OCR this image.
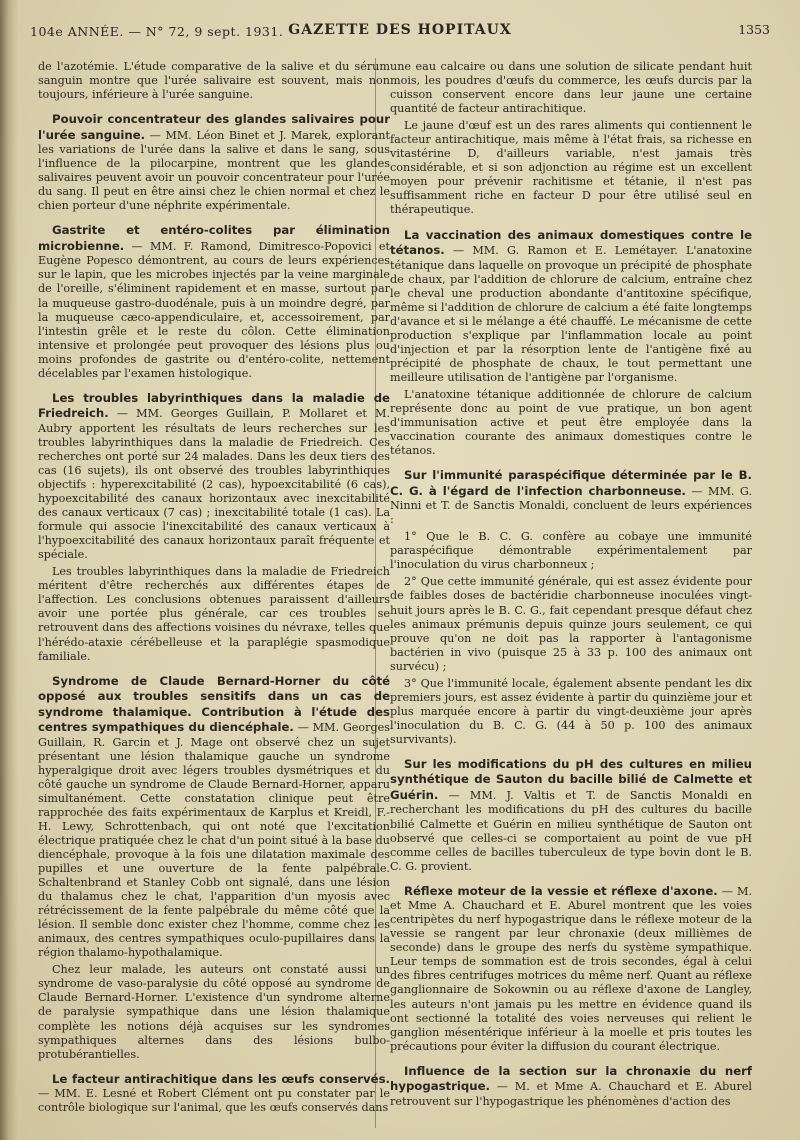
104e ANNÉE. — N° 72, 9 sept. 1931. GAZETTE DES HOPITAUX	1353

de l'azotémie. L'étude comparative de la salive et du sérum sanguin montre que l'urée salivaire est souvent, mais non toujours, inférieure à l'urée sanguine.

Pouvoir concentrateur des glandes salivaires pour l'urée sanguine. — MM. Léon Binet et J. Marek, explorant les variations de l'urée dans la salive et dans le sang, sous l'influence de la pilocarpine, montrent que les glandes salivaires peuvent avoir un pouvoir concentrateur pour l'urée du sang. Il peut en être ainsi chez le chien normal et chez le chien porteur d'une néphrite expérimentale.

Gastrite et entéro-colites par élimination microbienne. — MM. F. Ramond, Dimitresco-Popovici et Eugène Popesco démontrent, au cours de leurs expériences sur le lapin, que les microbes injectés par la veine marginale de l'oreille, s'éliminent rapidement et en masse, surtout par la muqueuse gastro-duodénale, puis à un moindre degré, par la muqueuse cæco-appendiculaire, et, accessoirement, par l'intestin grêle et le reste du côlon. Cette élimination intensive et prolongée peut provoquer des lésions plus ou moins profondes de gastrite ou d'entéro-colite, nettement décelables par l'examen histologique.

Les troubles labyrinthiques dans la maladie de Friedreich. — MM. Georges Guillain, P. Mollaret et M. Aubry apportent les résultats de leurs recherches sur les troubles labyrinthiques dans la maladie de Friedreich. Ces recherches ont porté sur 24 malades. Dans les deux tiers des cas (16 sujets), ils ont observé des troubles labyrinthiques objectifs : hyperexcitabilité (2 cas), hypoexcitabilité (6 cas), hypoexcitabilité des canaux horizontaux avec inexcitabilité des canaux verticaux (7 cas) ; inexcitabilité totale (1 cas). La formule qui associe l'inexcitabilité des canaux verticaux à l'hypoexcitabilité des canaux horizontaux paraît fréquente et spéciale.

Les troubles labyrinthiques dans la maladie de Friedreich méritent d'être recherchés aux différentes étapes de l'affection. Les conclusions obtenues paraissent d'ailleurs avoir une portée plus générale, car ces troubles se retrouvent dans des affections voisines du névraxe, telles que l'hérédo-ataxie cérébelleuse et la paraplégie spasmodique familiale.

Syndrome de Claude Bernard-Horner du côté opposé aux troubles sensitifs dans un cas de syndrome thalamique. Contribution à l'étude des centres sympathiques du diencéphale. — MM. Georges Guillain, R. Garcin et J. Mage ont observé chez un sujet présentant une lésion thalamique gauche un syndrome hyperalgique droit avec légers troubles dysmétriques et du côté gauche un syndrome de Claude Bernard-Horner, apparu simultanément. Cette constatation clinique peut être rapprochée des faits expérimentaux de Karplus et Kreidl, F.-H. Lewy, Schrottenbach, qui ont noté que l'excitation électrique pratiquée chez le chat d'un point situé à la base du diencéphale, provoque à la fois une dilatation maximale des pupilles et une ouverture de la fente palpébrale. Schaltenbrand et Stanley Cobb ont signalé, dans une lésion du thalamus chez le chat, l'apparition d'un myosis avec rétrécissement de la fente palpébrale du même côté que la lésion. Il semble donc exister chez l'homme, comme chez les animaux, des centres sympathiques oculo-pupillaires dans la région thalamo-hypothalamique.

Chez leur malade, les auteurs ont constaté aussi un syndrome de vaso-paralysie du côté opposé au syndrome de Claude Bernard-Horner. L'existence d'un syndrome alterne de paralysie sympathique dans une lésion thalamique complète les notions déjà acquises sur les syndromes sympathiques alternes dans des lésions bulbo-protubérantielles.

Le facteur antirachitique dans les œufs conservés. — MM. E. Lesné et Robert Clément ont pu constater par le contrôle biologique sur l'animal, que les œufs conservés dans

une eau calcaire ou dans une solution de silicate pendant huit mois, les poudres d'œufs du commerce, les œufs durcis par la cuisson conservent encore dans leur jaune une certaine quantité de facteur antirachitique.

Le jaune d'œuf est un des rares aliments qui contiennent le facteur antirachitique, mais même à l'état frais, sa richesse en vitastérine D, d'ailleurs variable, n'est jamais très considérable, et si son adjonction au régime est un excellent moyen pour prévenir rachitisme et tétanie, il n'est pas suffisamment riche en facteur D pour être utilisé seul en thérapeutique.

La vaccination des animaux domestiques contre le tétanos. — MM. G. Ramon et E. Lemétayer. L'anatoxine tétanique dans laquelle on provoque un précipité de phosphate de chaux, par l'addition de chlorure de calcium, entraîne chez le cheval une production abondante d'antitoxine spécifique, même si l'addition de chlorure de calcium a été faite longtemps d'avance et si le mélange a été chauffé. Le mécanisme de cette production s'explique par l'inflammation locale au point d'injection et par la résorption lente de l'antigène fixé au précipité de phosphate de chaux, le tout permettant une meilleure utilisation de l'antigène par l'organisme.

L'anatoxine tétanique additionnée de chlorure de calcium représente donc au point de vue pratique, un bon agent d'immunisation active et peut être employée dans la vaccination courante des animaux domestiques contre le tétanos.

Sur l'immunité paraspécifique déterminée par le B. C. G. à l'égard de l'infection charbonneuse. — MM. G. Ninni et T. de Sanctis Monaldi, concluent de leurs expériences :

1° Que le B. C. G. confère au cobaye une immunité paraspécifique démontrable expérimentalement par l'inoculation du virus charbonneux ;

2° Que cette immunité générale, qui est assez évidente pour de faibles doses de bactéridie charbonneuse inoculées vingt-huit jours après le B. C. G., fait cependant presque défaut chez les animaux prémunis depuis quinze jours seulement, ce qui prouve qu'on ne doit pas la rapporter à l'antagonisme bactérien in vivo (puisque 25 à 33 p. 100 des animaux ont survécu) ;

3° Que l'immunité locale, également absente pendant les dix premiers jours, est assez évidente à partir du quinzième jour et plus marquée encore à partir du vingt-deuxième jour après l'inoculation du B. C. G. (44 à 50 p. 100 des animaux survivants).

Sur les modifications du pH des cultures en milieu synthétique de Sauton du bacille bilié de Calmette et Guérin. — MM. J. Valtis et T. de Sanctis Monaldi en recherchant les modifications du pH des cultures du bacille bilié Calmette et Guérin en milieu synthétique de Sauton ont observé que celles-ci se comportaient au point de vue pH comme celles de bacilles tuberculeux de type bovin dont le B. C. G. provient.

Réflexe moteur de la vessie et réflexe d'axone. — M. et Mme A. Chauchard et E. Aburel montrent que les voies centripètes du nerf hypogastrique dans le réflexe moteur de la vessie se rangent par leur chronaxie (deux millièmes de seconde) dans le groupe des nerfs du système sympathique. Leur temps de sommation est de trois secondes, égal à celui des fibres centrifuges motrices du même nerf. Quant au réflexe ganglionnaire de Sokownin ou au réflexe d'axone de Langley, les auteurs n'ont jamais pu les mettre en évidence quand ils ont sectionné la totalité des voies nerveuses qui relient le ganglion mésentérique inférieur à la moelle et pris toutes les précautions pour éviter la diffusion du courant électrique.

Influence de la section sur la chronaxie du nerf hypogastrique. — M. et Mme A. Chauchard et E. Aburel retrouvent sur l'hypogastrique les phénomènes d'action des
